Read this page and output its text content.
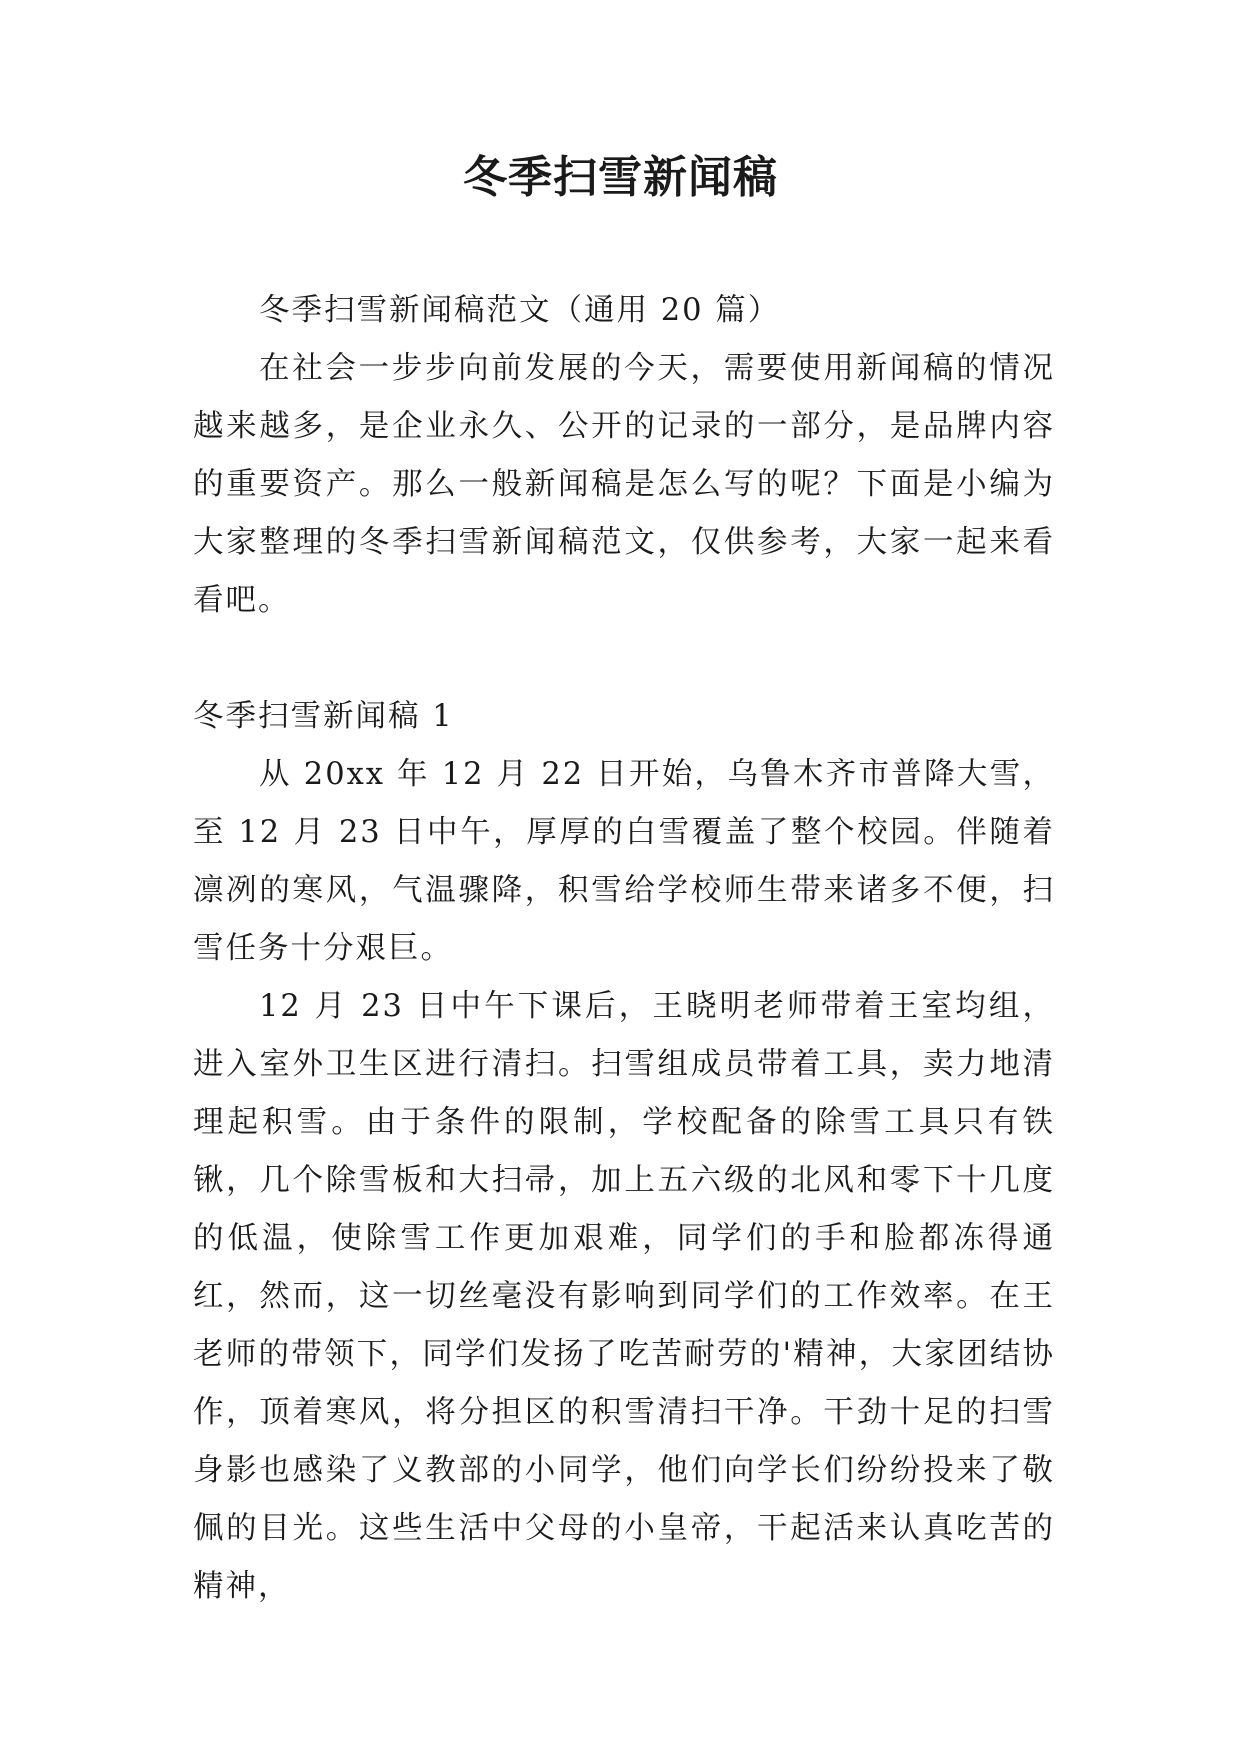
冬季扫雪新闻稿

冬季扫雪新闻稿范文（通用 20 篇）

在社会一步步向前发展的今天，需要使用新闻稿的情况越来越多，是企业永久、公开的记录的一部分，是品牌内容的重要资产。那么一般新闻稿是怎么写的呢？下面是小编为大家整理的冬季扫雪新闻稿范文，仅供参考，大家一起来看看吧。

冬季扫雪新闻稿 1

从 20xx 年 12 月 22 日开始，乌鲁木齐市普降大雪，至 12 月 23 日中午，厚厚的白雪覆盖了整个校园。伴随着凛冽的寒风，气温骤降，积雪给学校师生带来诸多不便，扫雪任务十分艰巨。

12 月 23 日中午下课后，王晓明老师带着王室均组，进入室外卫生区进行清扫。扫雪组成员带着工具，卖力地清理起积雪。由于条件的限制，学校配备的除雪工具只有铁锹，几个除雪板和大扫帚，加上五六级的北风和零下十几度的低温，使除雪工作更加艰难，同学们的手和脸都冻得通红，然而，这一切丝毫没有影响到同学们的工作效率。在王老师的带领下，同学们发扬了吃苦耐劳的'精神，大家团结协作，顶着寒风，将分担区的积雪清扫干净。干劲十足的扫雪身影也感染了义教部的小同学，他们向学长们纷纷投来了敬佩的目光。这些生活中父母的小皇帝，干起活来认真吃苦的精神，
